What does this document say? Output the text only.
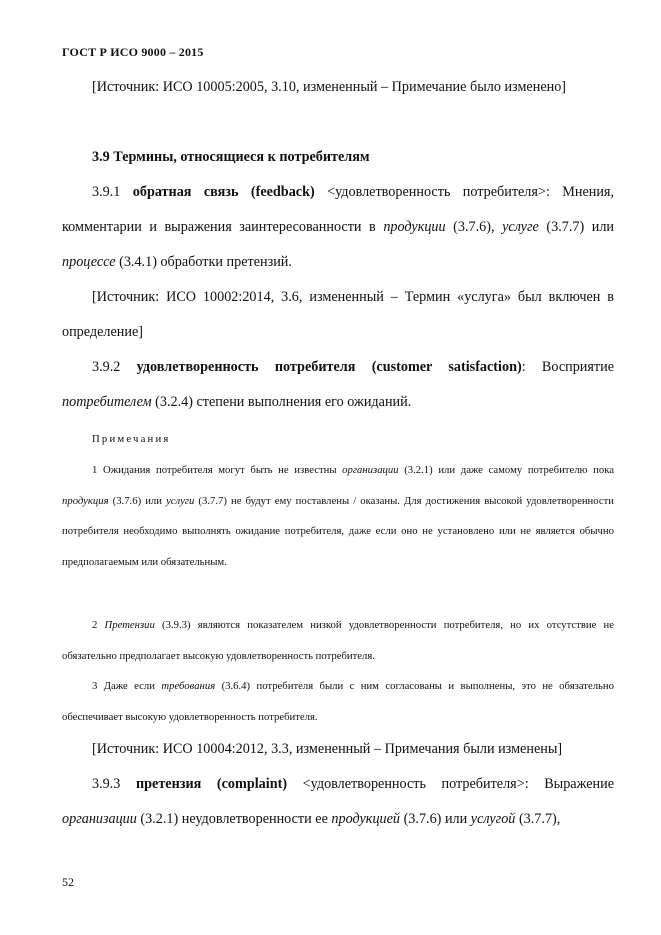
ГОСТ Р ИСО 9000 – 2015

[Источник: ИСО 10005:2005, 3.10, измененный – Примечание было изменено]

3.9 Термины, относящиеся к потребителям

3.9.1 обратная связь (feedback) <удовлетворенность потребителя>: Мнения, комментарии и выражения заинтересованности в продукции (3.7.6), услуге (3.7.7) или процессе (3.4.1) обработки претензий.

[Источник: ИСО 10002:2014, 3.6, измененный – Термин «услуга» был включен в определение]

3.9.2 удовлетворенность потребителя (customer satisfaction): Восприятие потребителем (3.2.4) степени выполнения его ожиданий.

Примечания

1 Ожидания потребителя могут быть не известны организации (3.2.1) или даже самому потребителю пока продукция (3.7.6) или услуги (3.7.7) не будут ему поставлены / оказаны. Для достижения высокой удовлетворенности потребителя необходимо выполнять ожидание потребителя, даже если оно не установлено или не является обычно предполагаемым или обязательным.

2 Претензии (3.9.3) являются показателем низкой удовлетворенности потребителя, но их отсутствие не обязательно предполагает высокую удовлетворенность потребителя.

3 Даже если требования (3.6.4) потребителя были с ним согласованы и выполнены, это не обязательно обеспечивает высокую удовлетворенность потребителя.

[Источник: ИСО 10004:2012, 3.3, измененный – Примечания были изменены]

3.9.3 претензия (complaint) <удовлетворенность потребителя>: Выражение организации (3.2.1) неудовлетворенности ее продукцией (3.7.6) или услугой (3.7.7),

52
